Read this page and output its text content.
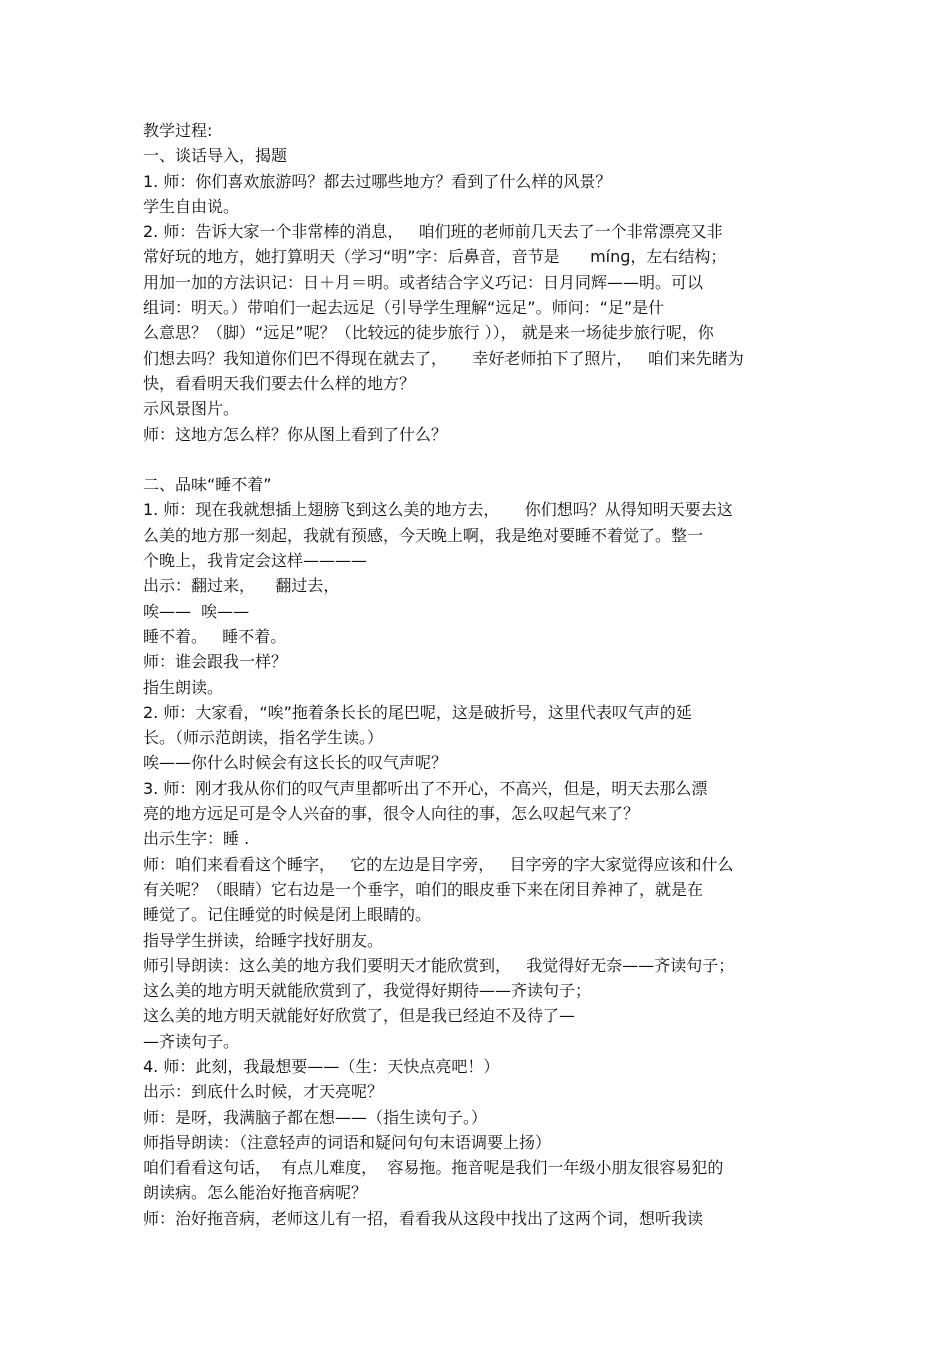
教学过程:
一、谈话导入，揭题
1. 师：你们喜欢旅游吗？都去过哪些地方？看到了什么样的风景？
学生自由说。
2. 师：告诉大家一个非常棒的消息，   咱们班的老师前几天去了一个非常漂亮又非
常好玩的地方，她打算明天（学习“明”字：后鼻音，音节是      mínɡ，左右结构；
用加一加的方法识记：日＋月＝明。或者结合字义巧记：日月同辉——明。可以
组词：明天。）带咱们一起去远足（引导学生理解“远足”。师问：“足”是什
么意思？（脚）“远足”呢？（比较远的徒步旅行 ））， 就是来一场徒步旅行呢，你
们想去吗？我知道你们巴不得现在就去了，     幸好老师拍下了照片，   咱们来先睹为
快，看看明天我们要去什么样的地方？
示风景图片。
师：这地方怎么样？你从图上看到了什么？
二、品味“睡不着”
1. 师：现在我就想插上翅膀飞到这么美的地方去，     你们想吗？从得知明天要去这
么美的地方那一刻起，我就有预感，今天晚上啊，我是绝对要睡不着觉了。整一
个晚上，我肯定会这样————
出示：翻过来，    翻过去，
唉——  唉——
睡不着。   睡不着。
师：谁会跟我一样？
指生朗读。
2. 师：大家看，“唉”拖着条长长的尾巴呢，这是破折号，这里代表叹气声的延
长。（师示范朗读，指名学生读。）
唉——你什么时候会有这长长的叹气声呢？
3. 师：刚才我从你们的叹气声里都听出了不开心，不高兴，但是，明天去那么漂
亮的地方远足可是令人兴奋的事，很令人向往的事，怎么叹起气来了？
出示生字：睡 .
师：咱们来看看这个睡字，   它的左边是目字旁，   目字旁的字大家觉得应该和什么
有关呢？（眼睛）它右边是一个垂字，咱们的眼皮垂下来在闭目养神了，就是在
睡觉了。记住睡觉的时候是闭上眼睛的。
指导学生拼读，给睡字找好朋友。
师引导朗读：这么美的地方我们要明天才能欣赏到，   我觉得好无奈——齐读句子；
这么美的地方明天就能欣赏到了，我觉得好期待——齐读句子；
这么美的地方明天就能好好欣赏了，但是我已经迫不及待了—
—齐读句子。
4. 师：此刻，我最想要——（生：天快点亮吧！）
出示：到底什么时候，才天亮呢？
师：是呀，我满脑子都在想——（指生读句子。）
师指导朗读：（注意轻声的词语和疑问句句末语调要上扬）
咱们看看这句话，  有点儿难度，  容易拖。拖音呢是我们一年级小朋友很容易犯的
朗读病。怎么能治好拖音病呢？
师：治好拖音病，老师这儿有一招，看看我从这段中找出了这两个词，想听我读
